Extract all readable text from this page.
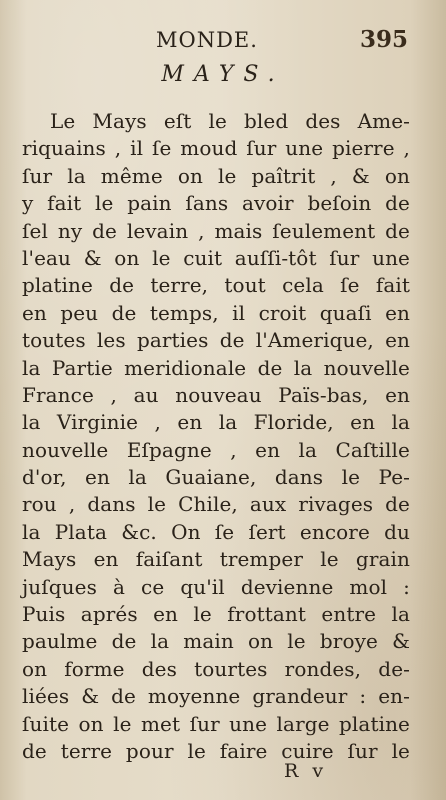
MONDE.	395
MAYS.
Le Mays eſt le bled des Ame-
riquains , il ſe moud ſur une pierre ,
ſur la même on le paîtrit , & on
y fait le pain ſans avoir beſoin de
ſel ny de levain , mais ſeulement de
l'eau & on le cuit auſſi-tôt ſur une
platine de terre, tout cela ſe fait
en peu de temps, il croit quaſi en
toutes les parties de l'Amerique, en
la Partie meridionale de la nouvelle
France , au nouveau Païs-bas, en
la Virginie , en la Floride, en la
nouvelle Eſpagne , en la Caſtille
d'or, en la Guaiane, dans le Pe-
rou , dans le Chile, aux rivages de
la Plata &c. On ſe ſert encore du
Mays en faiſant tremper le grain
juſques à ce qu'il devienne mol :
Puis aprés en le frottant entre la
paulme de la main on le broye &
on forme des tourtes rondes, de-
liées & de moyenne grandeur : en-
ſuite on le met ſur une large platine
de terre pour le faire cuire ſur le
R v
